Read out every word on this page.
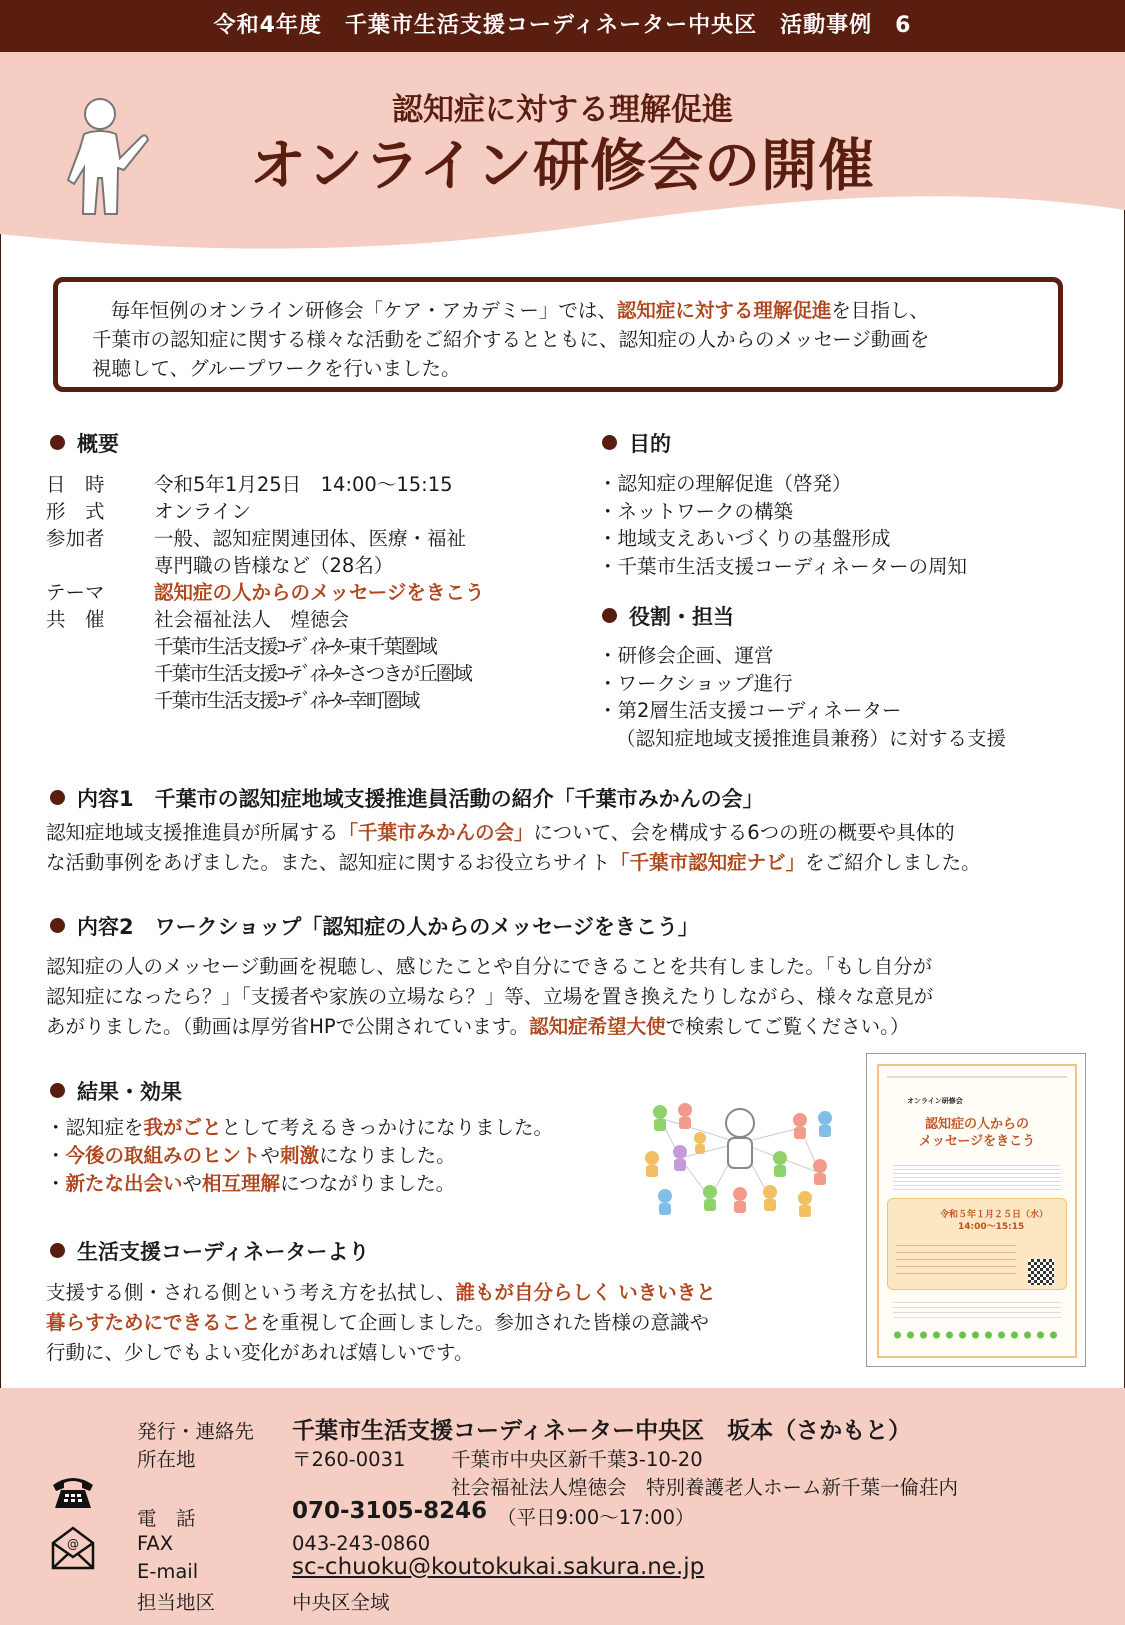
令和4年度　千葉市生活支援コーディネーター中央区　活動事例　6
認知症に対する理解促進
オンライン研修会の開催
毎年恒例のオンライン研修会「ケア・アカデミー」では、認知症に対する理解促進を目指し、
千葉市の認知症に関する様々な活動をご紹介するとともに、認知症の人からのメッセージ動画を
視聴して、グループワークを行いました。
概要
日　時	令和5年1月25日　14:00～15:15
形　式	オンライン
参加者	一般、認知症関連団体、医療・福祉
専門職の皆様など（28名）
テーマ	認知症の人からのメッセージをきこう
共　催	社会福祉法人　煌徳会
千葉市生活支援ｺｰﾃﾞｨﾈｰﾀｰ東千葉圏域
千葉市生活支援ｺｰﾃﾞｨﾈｰﾀｰさつきが丘圏域
千葉市生活支援ｺｰﾃﾞｨﾈｰﾀｰ幸町圏域
目的
・認知症の理解促進（啓発）
・ネットワークの構築
・地域支えあいづくりの基盤形成
・千葉市生活支援コーディネーターの周知
役割・担当
・研修会企画、運営
・ワークショップ進行
・第2層生活支援コーディネーター
（認知症地域支援推進員兼務）に対する支援
内容1　千葉市の認知症地域支援推進員活動の紹介「千葉市みかんの会」
認知症地域支援推進員が所属する「千葉市みかんの会」について、会を構成する6つの班の概要や具体的
な活動事例をあげました。また、認知症に関するお役立ちサイト「千葉市認知症ナビ」をご紹介しました。
内容2　ワークショップ「認知症の人からのメッセージをきこう」
認知症の人のメッセージ動画を視聴し、感じたことや自分にできることを共有しました。「もし自分が
認知症になったら？」「支援者や家族の立場なら？」等、立場を置き換えたりしながら、様々な意見が
あがりました。（動画は厚労省HPで公開されています。認知症希望大使で検索してご覧ください。）
結果・効果
・認知症を我がごととして考えるきっかけになりました。
・今後の取組みのヒントや刺激になりました。
・新たな出会いや相互理解につながりました。
生活支援コーディネーターより
支援する側・される側という考え方を払拭し、誰もが自分らしく いきいきと
暮らすためにできることを重視して企画しました。参加された皆様の意識や
行動に、少しでもよい変化があれば嬉しいです。
オンライン研修会
認知症の人からの
メッセージをきこう
令和５年１月２５日（水）
14:00～15:15
発行・連絡先 千葉市生活支援コーディネーター中央区　坂本（さかもと）
所在地	〒260-0031 千葉市中央区新千葉3-10-20
社会福祉法人煌徳会　特別養護老人ホーム新千葉一倫荘内
電　話	070-3105-8246 （平日9:00～17:00）
@	FAX	043-243-0860
E-mail	sc-chuoku@koutokukai.sakura.ne.jp
担当地区	中央区全域
